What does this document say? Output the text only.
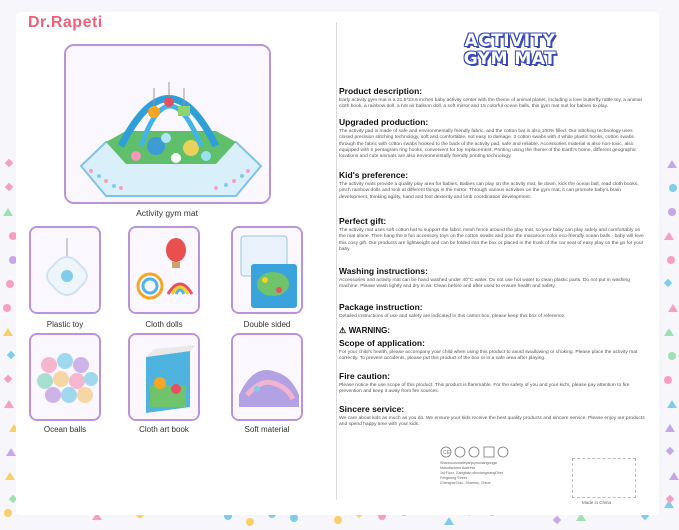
Dr.Rapeti
Activity gym mat
Plastic toy	Cloth dolls	Double sided
Ocean balls	Cloth art book	Soft material
ACTIVITY
GYM MAT
Product description:

Early activity gym mat is a 31.5*23.6 inches baby activity center with the theme of animal planet, including a love butterfly rattle toy, a animal cloth book, a rainbow doll, a hot air balloon doll, a soft mirror and 15 colorful ocean balls, this gym mat suit for babies to play.

Upgraded production:

The activity pad is made of safe and environmentally friendly fabric, and the cotton bat is also 100% filled. Our stitching technology uses closed precision stitching technology, soft and comfortable, not easy to damage. 2 cotton swabs with 4 white plastic hooks, cotton swabs through the fabric with cotton swabs hooked to the back of the activity pad, safe and reliable. Accessories material is also non-toxic, also equipped with 5 pentagram ring hooks, convenient for toy replacement. Printing using the theme of the Earth's home, different geographic locations and cute animals are also environmentally friendly printing technology.

Kid's preference:

The activity mats provide a quality play area for babies. Babies can play on the activity mat, lie down, kick the ocean ball, read cloth books, pinch rainbow dolls and look at different things in the mirror. Through various activities on the gym mat, it can promote baby's brain development, thinking agility, hand and foot dexterity and limb coordination development.

Perfect gift:

The activity mat uses soft cotton bat to support the fabric mesh fence around the play mat, so your baby can play safely and comfortably on the mat alone. Then hang the 5 fun accessory toys on the cotton swabs and pour the macaroon color eco-friendly ocean balls - baby will love this cosy gift. Our products are lightweight and can be folded into the box or placed in the trunk of the car seat of easy play on the go for your baby.

Washing instructions:

Accessories and activity mat can be hand washed under 40°C water. Do not use hot water to clean plastic parts. Do not put in washing machine. Please wash lightly and dry in air. Clean before and after used to ensure health and safety.

Package instruction:

Detailed instructions of use and safety are indicated in this carton box, please keep this box of reference.

⚠ WARNING:
Scope of application:

For your child's health, please accompany your child when using this product to avoid swallowing or choking. Please place the activity mat correctly. To prevent accidents, please put this product of the box or in a safe area after playing.

Fire caution:

Please notice the use scope of this product. This product is flammable. For the safety of you and your kid's, please pay attention to fire prevention and keep it away from fire sources.

Sincere service:

We care about kids as much as you do. We ensure your kids receive the best quality products and sincere service. Please enjoy our products and spend happy time with your kids.

CE
Shantouxiunaileyanjuyouxiangongsi
Manufacturer Address
1st Floor, Gangbian,shuxiangxiangDhet
Fengbeng Street
Chenghai Dist., Shantou, China
Made in China
